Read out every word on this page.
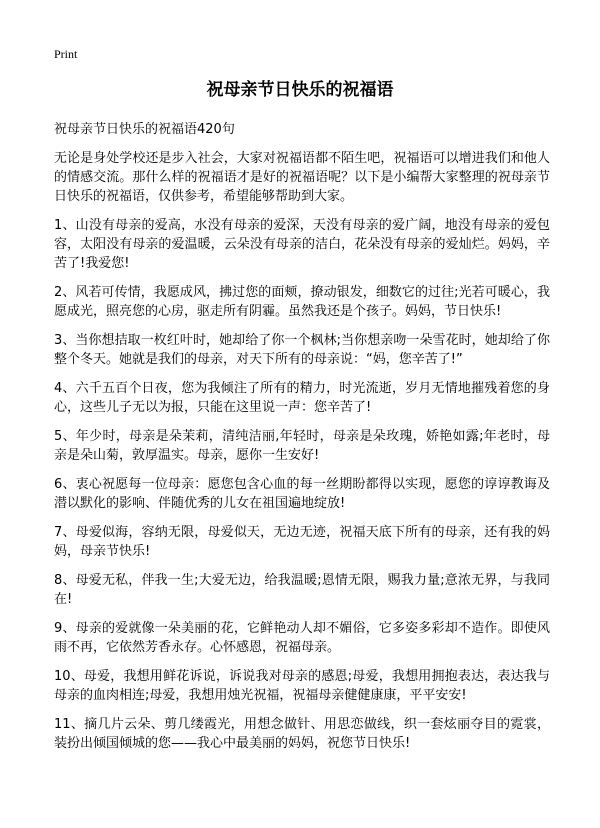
Print
祝母亲节日快乐的祝福语

祝母亲节日快乐的祝福语420句

无论是身处学校还是步入社会，大家对祝福语都不陌生吧，祝福语可以增进我们和他人的情感交流。那什么样的祝福语才是好的祝福语呢？以下是小编帮大家整理的祝母亲节日快乐的祝福语，仅供参考，希望能够帮助到大家。

1、山没有母亲的爱高，水没有母亲的爱深，天没有母亲的爱广阔，地没有母亲的爱包容，太阳没有母亲的爱温暖，云朵没有母亲的洁白，花朵没有母亲的爱灿烂。妈妈，辛苦了!我爱您!

2、风若可传情，我愿成风，拂过您的面颊，撩动银发，细数它的过往;光若可暖心，我愿成光，照亮您的心房，驱走所有阴霾。虽然我还是个孩子。妈妈，节日快乐!

3、当你想拮取一枚红叶时，她却给了你一个枫林;当你想亲吻一朵雪花时，她却给了你整个冬天。她就是我们的母亲，对天下所有的母亲说：“妈，您辛苦了!”

4、六千五百个日夜，您为我倾注了所有的精力，时光流逝，岁月无情地摧残着您的身心，这些儿子无以为报，只能在这里说一声：您辛苦了!

5、年少时，母亲是朵茉莉，清纯洁丽,年轻时，母亲是朵玫瑰，娇艳如露;年老时，母亲是朵山菊，敦厚温实。母亲，愿你一生安好!

6、衷心祝愿每一位母亲：愿您包含心血的每一丝期盼都得以实现，愿您的谆谆教诲及潜以默化的影响、伴随优秀的儿女在祖国遍地绽放!

7、母爱似海，容纳无限，母爱似天，无边无迹，祝福天底下所有的母亲，还有我的妈妈，母亲节快乐!

8、母爱无私，伴我一生;大爱无边，给我温暖;恩情无限，赐我力量;意浓无界，与我同在!

9、母亲的爱就像一朵美丽的花，它鲜艳动人却不媚俗，它多姿多彩却不造作。即使风雨不再，它依然芳香永存。心怀感恩，祝福母亲。

10、母爱，我想用鲜花诉说，诉说我对母亲的感恩;母爱，我想用拥抱表达，表达我与母亲的血肉相连;母爱，我想用烛光祝福，祝福母亲健健康康，平平安安!

11、摘几片云朵、剪几缕霞光，用想念做针、用思恋做线，织一套炫丽夺目的霓裳，装扮出倾国倾城的您——我心中最美丽的妈妈，祝您节日快乐!
